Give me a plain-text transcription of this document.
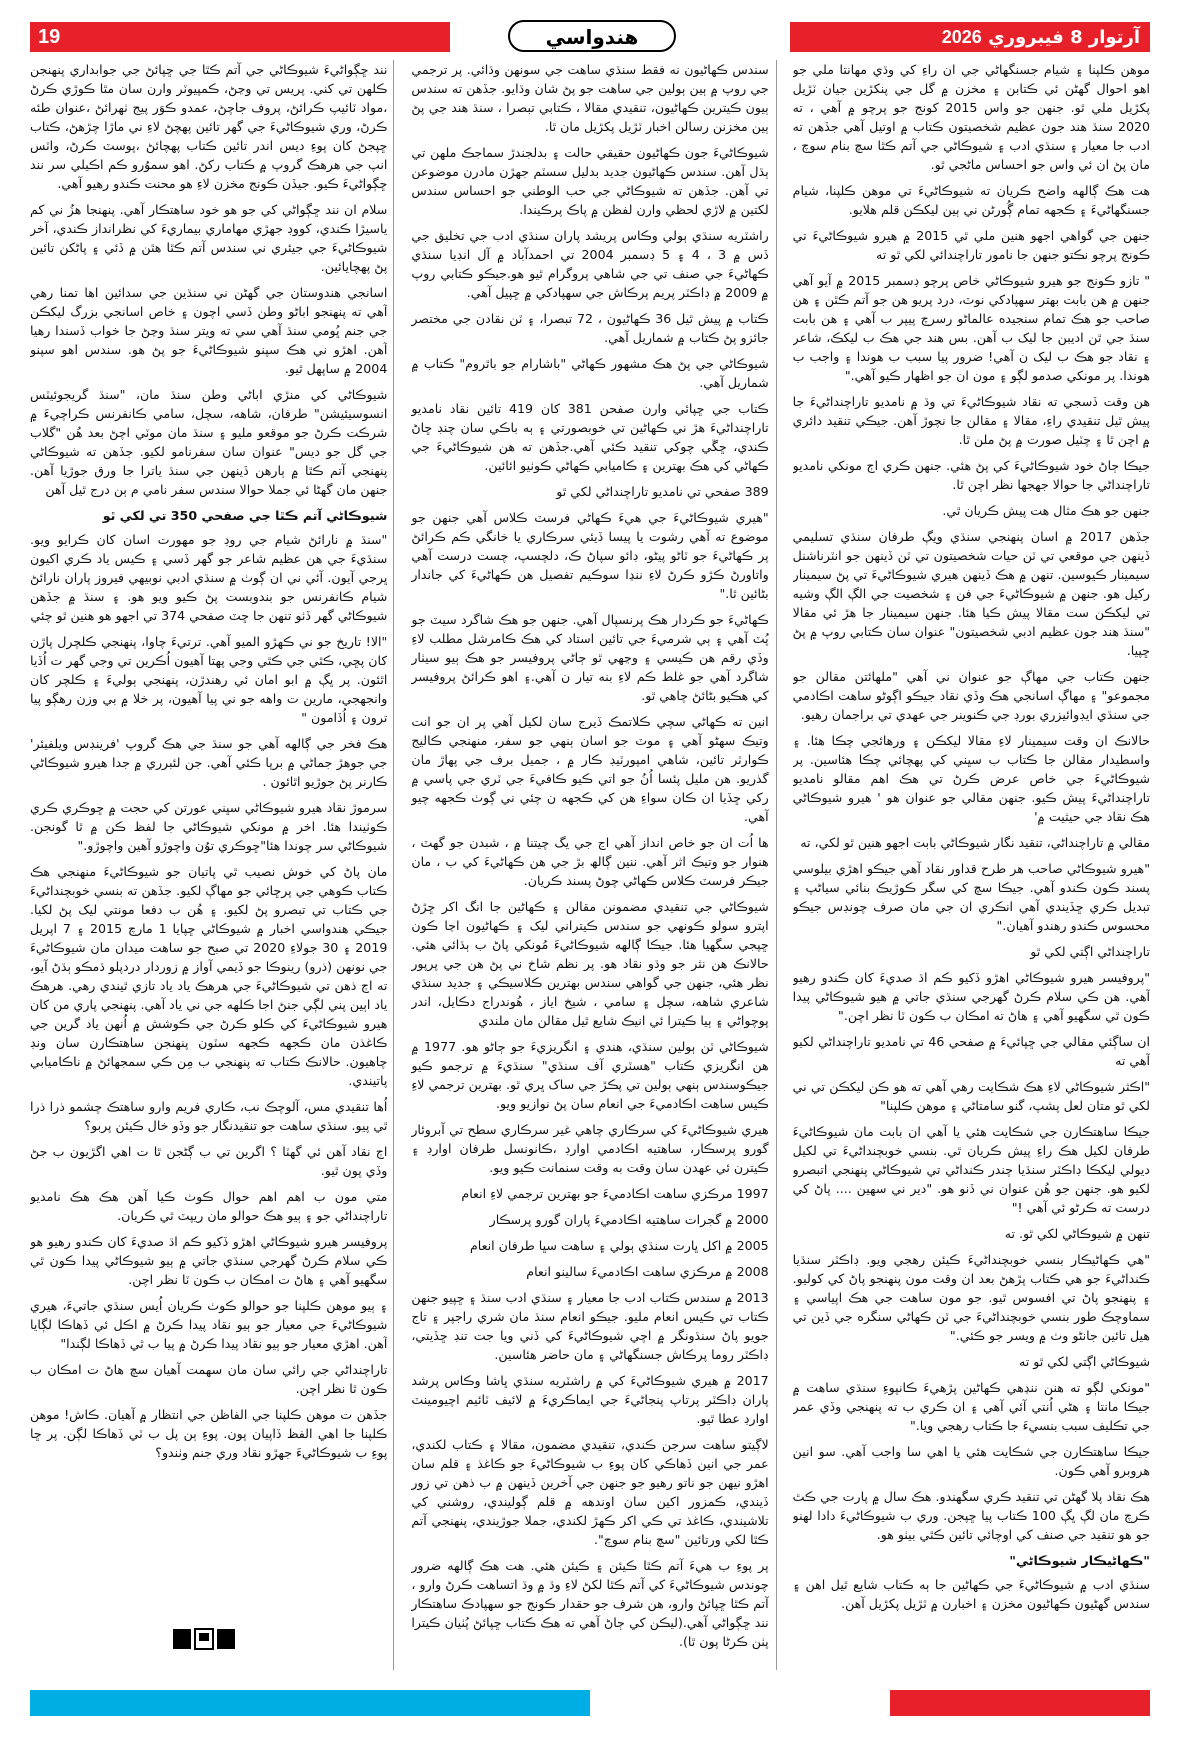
آرتوار 8 فيبروري 2026
19	هندواسي

موهن ڪلپنا ۽ شيام جسنگهاڻي جي ان راءِ کي وڌي مهانتا ملي جو اهو احوال گهڻن ئي ڪتابن ۽ مخزن ۾ گل جي پنکڙين جيان ٽڙيل پکڙيل ملي ٿو. جنهن جو واس 2015 کونج جو پرچو ۾ آهي ، ته 2020 سنڌ هند جون عظيم شخصيتون ڪتاب ۾ اوتيل آهي جڏهن ته ادب جا معيار ۽ سنڌي ادب ۽ شيوڪاڻي جي آتم ڪٿا سچ بنام سوچ ، مان پڻ ان ئي واس جو احساس ماڻجي ٿو.

هت هڪ ڳالهه واضح ڪريان ته شيوڪاڻيءَ تي موهن ڪلپنا، شيام جسنگهاڻيءَ ۽ ڪجهه تمام ڳُورڻن ني ٻين ليکڪن قلم هلايو.

جنهن جي گواهي اجهو هنين ملي ٿي 2015 ۾ هيرو شيوڪاڻيءَ تي ڪونج پرچو نڪتو جنهن جا نامور تاراچندائي لکي ٿو ته

" تازو ڪونج جو هيرو شيوڪاڻي خاص پرچو ڊسمبر 2015 ۾ آيو آهي جنهن ۾ هن بابت بهتر سهپادکي نوٽ، درد پريو هن جو آتم ڪٿن ۽ هن صاحب جو هڪ تمام سنجيده عالماڻو رسرچ پيپر ب آهي ۽ هن بابت سنڌ جي ٿن اديبن جا ليک ب آهن. بس هند جي هڪ ب ليکڪ، شاعر ۽ نقاد جو هڪ ب ليک ن آهي! ضرور پيا سبب ب هوندا ۽ واجب ب هوندا. پر مونکي صدمو لڳو ۽ مون ان جو اظهار ڪيو آهي."

هن وقت ڏسجي ته نقاد شيوڪاڻيءَ تي وڌ ۾ نامديو تاراچنداڻيءَ جا پيش ٿيل تنقيدي راءِ، مقالا ۽ مقالن جا نچوڙ آهن. جيڪي تنقيد دائري ۾ اچن ٿا ۽ چٽيل صورت ۾ پڻ ملن ٿا.

جيڪا ڄاڻ خود شيوڪاڻيءَ کي پڻ هئي. جنهن ڪري اڄ مونکي نامديو تاراچنداڻي جا حوالا جهجها نظر اچن ٿا.

جنهن جو هڪ مثال هت پيش ڪريان ٿي.

جڏهن 2017 ۾ اسان پنهنجي سنڌي ويڳ طرفان سنڌي تسليمي ڏينهن جي موقعي تي ٽن حيات شخصيتون تي ٽن ڏينهن جو انٽرناشنل سيمينار ڪيوسين. تنهن ۾ هڪ ڏينهن هيري شيوڪاڻيءَ تي پڻ سيمينار رکيل هو. جنهن ۾ شيوڪاڻيءَ جي فن ۽ شخصيت جي الڳ الڳ وشيه تي ليکڪن ست مقالا پيش ڪيا هئا. جنهن سيمينار جا هڙ ئي مقالا "سنڌ هند جون عظيم ادبي شخصيتون" عنوان سان ڪتابي روپ ۾ پڻ ڇپيا.

جنهن ڪتاب جي مهاڳ جو عنوان ني آهي "ملهائتن مقالن جو مجموعو" ۽ مهاڳ اسانجي هڪ وڏي نقاد جيڪو اڳوڻو ساهت اڪادمي جي سنڌي ايڊوائيزري بورڊ جي ڪنوينر جي عهدي تي براجمان رهيو.

حالانڪ ان وقت سيمينار لاءِ مقالا ليکڪن ۽ ورهائجي چڪا هئا. ۽ واسطيدار مقالن جا ڪتاب ب سڀني کي پهچائي چڪا هئاسين. پر شيوڪاڻيءَ جي خاص عرض ڪرڻ تي هڪ اهم مقالو نامديو تاراچنداڻيءَ پيش ڪيو. جنهن مقالي جو عنوان هو ' هيرو شيوڪاڻي هڪ نقاد جي حيثيت ۾'

مقالي ۾ تاراچنداڻي، تنقيد نگار شيوڪاڻي بابت اجهو هنين ٿو لکي، ته

"هيرو شيوڪاڻي صاحب هر طرح قداور نقاد آهي جيڪو اهڙي بيلوسي پسند ڪون ڪندو آهي. جيڪا سچ کي سگر ڪوڙيڪ بنائي سياڻپ ۽ تبديل ڪري ڇڏيندي آهي انڪري ان جي مان صرف چونڊس جيڪو محسوس ڪندو رهندو آهيان."

تاراچنداڻي اڳتي لکي ٿو

"پروفيسر هيرو شيوڪاڻي اهڙو ڏکيو ڪم اڌ صديءَ کان ڪندو رهيو آهي. هن ڪي سلام ڪرڻ گهرجي سنڌي جاتي ۾ هيو شيوڪاڻي پيدا ڪون ٿي سگهيو آهي ۽ هاڻ ته امڪان ب ڪون ٽا نظر اچن."

ان ساڳئي مقالي جي ڇپائيءَ ۾ صفحي 46 تي نامديو تاراچنداڻي لکيو آهي ته

"اڪثر شيوڪاڻي لاءِ هڪ شڪايت رهي آهي ته هو ڪن ليکڪن تي ني لکي ٿو متان لعل پشپ، گنو سامتاڻي ۽ موهن ڪلپنا"

جيڪا ساهتڪارن جي شڪايت هئي يا آهي ان بابت مان شيوڪاڻيءَ طرفان لکيل هڪ راءِ پيش ڪريان ٿي. بنسي خوبچنداڻيءَ تي لکيل ديولي ليکڪا ڊاڪٽر سنڌيا چندر ڪنداڻي تي شيوڪاڻي پنهنجي اتبصرو لکيو هو. جنهن جو هُن عنوان ني ڏنو هو. "دير ني سهين .... پاڻ کي درست ته ڪرڻو ئي آهي !"

تنهن ۾ شيوڪاڻي لکي ٿو. ته

"هي ڪهاڻيڪار بنسي خوبچنداڻيءَ ڪيئن رهجي ويو. ڊاڪٽر سنڌيا ڪنداڻيءَ جو هي ڪتاب پڙهڻ بعد ان وقت مون پنهنجو پاڻ کي کوليو. ۽ پنهنجو پاڻ تي افسوس ٿيو. جو مون ساهت جي هڪ اپياسي ۽ سماوچڪ طور بنسي خوبچنداڻيءَ جي ٽن ڪهاڻي سنگره جي ڏين تي هيل تائين جانڻو وٺ ۾ ويسر جو ڪئي."

شيوڪاڻي اڳتي لکي ٿو ته

"مونکي لڳو ته هنن ننڍهي ڪهاڻين پڙهيءَ ڪانپوءِ سنڌي ساهت ۾ جيڪا مانتا ۽ هڻي اُنتي آئي آهي ۽ ان ڪري ب ته پنهنجي وڏي عمر جي تڪليف سبب بنسيءَ جا ڪتاب رهجي ويا."

جيڪا ساهتڪارن جي شڪايت هئي يا اهي سا واجب آهي. سو انين هروبرو آهي ڪون.

هڪ نقاد پلا گهڻن تي تنقيد ڪري سگهندو. هڪ سال ۾ پارت جي ڪٿ ڪرچ مان لڳ ڀڳ 100 ڪتاب پيا ڇپجن. وري ب شيوڪاڻيءَ دادا لهنو جو هو تنقيد جي صنف کي اوچائي تائين ڪٿي بيٺو هو.

"ڪهاڻيڪار شيوڪاڻي"

سنڌي ادب ۾ شيوڪاڻيءَ جي ڪهاڻين جا ٻه ڪتاب شايع ٿيل اهن ۽ سندس گهڻيون ڪهاڻيون مخزن ۽ اخبارن ۾ ٽڙيل پکڙيل آهن.

سندس ڪهاڻيون نه فقط سنڌي ساهت جي سونهن وڌائي. پر ترجمي جي روپ ۾ ٻين ٻولين جي ساهت جو پڻ شان وڌايو. جڏهن ته سندس ٻيون ڪيترين ڪهاڻيون، تنقيدي مقالا ، ڪتابي تبصرا ، سنڌ هند جي پڻ ٻين مخزنن رسالن اخبار ٽڙيل پکڙيل مان ٿا.

شيوڪاڻيءَ جون ڪهاڻيون حقيقي حالت ۽ بدلجندڙ سماجڪ ملهن تي ٻڌل آهن. سندس ڪهاڻيون جديد بدليل سسٽم جهڙن مادرن موضوعن تي آهن. جڏهن ته شيوڪاڻي جي حب الوطني جو احساس سندس لکتين ۾ لاڙي لحظي وارن لفظن ۾ پاڪ پرڪيندا.

راشٽريه سنڌي ٻولي وڪاس پريشد پاران سنڌي ادب جي تخليق جي ڏس ۾ 3 ، 4 ۽ 5 ڊسمبر 2004 تي احمدآباد ۾ آل انڊيا سنڌي ڪهاڻيءَ جي صنف تي جي شاهي پروگرام ٿيو هو.جيڪو ڪتابي روپ ۾ 2009 ۾ ڊاڪٽر پريم پرڪاش جي سهپادکي ۾ ڇپيل آهي.

ڪتاب ۾ پيش ٿيل 36 ڪهاڻيون ، 72 تبصرا، ۽ ٽن نقادن جي مختصر جائزو پڻ ڪتاب ۾ شماريل آهي.

شيوڪاڻي جي پڻ هڪ مشهور ڪهاڻي "باشارام جو باٿروم" ڪتاب ۾ شماريل آهي.

ڪتاب جي ڇپائي وارن صفحن 381 کان 419 تائين نقاد نامديو تاراچنداڻيءَ هڙ ني ڪهاڻين تي خوبصورتي ۽ ٻه باڪي سان چنڊ ڇاڻ ڪندي، ڇڱي چوکي تنقيد ڪئي آهي.جڏهن ته هن شيوڪاڻيءَ جي ڪهاڻي کي هڪ بهترين ۽ ڪاميابي ڪهاڻي ڪوٺيو ائائين.

389 صفحي تي نامديو تاراچنداڻي لکي ٿو

"هيري شيوڪاڻيءَ جي هيءَ ڪهاڻي فرسٽ ڪلاس آهي جنهن جو موضوع ته آهي رشوت يا پيسا ڏيئي سرڪاري يا خانگي ڪم ڪرائڻ پر ڪهاڻيءَ جو ٽاڻو پيڻو، ڊائو سپاڻ ڪ، دلچسپ، چست درست آهي واتاورڻ ڪڙو ڪرڻ لاءِ ننڍا سوڪيم تفصيل هن ڪهاڻيءَ کي جاندار بڻائين ٿا."

ڪهاڻيءَ جو ڪردار هڪ پرنسپال آهي. جنهن جو هڪ شاگرد سيٽ جو پُٽ آهي ۽ ٻي شرميءَ جي تائين استاد کي هڪ ڪامرشل مطلب لاءِ وڏي رقم هن ڪيسي ۽ وڃهي ٿو ڄاڻي پروفيسر جو هڪ ٻيو سيٺار شاگرد آهي جو غلط ڪم لاءِ بنه تيار ن آهي.۽ اهو ڪرائڻ پروفيسر کي هڪيو بڻائڻ چاهي ٿو.

انين ته ڪهاڻي سچي ڪلاتمڪ ڏيرج سان لکيل آهي پر ان جو انت وتيڪ سهڻو آهي ۽ موٽ جو اسان ٻنهي جو سفر، منهنجي ڪاليج ڪوارٽر تائين، شاهي امپورٽيڊ ڪار ۾ ، جميل برف جي پهاڙ مان گذريو. هن مليل پئسا اُنُ جو اتي ڪيو ڪافيءَ جي ٽري جي پاسي ۾ رکي ڇڏيا ان ڪان سواءِ هن کي ڪجهه ن چئي ني ڳوٺ ڪجهه چيو آهي.

ها اُت ان جو خاص انداز آهي اڃ جي يگ چيتنا ۾ ، شبدن جو گهٽ ، هنوار جو وتيڪ اثر آهي. ننين ڳالھ بڙ جي هن ڪهاڻيءَ کي ب ، مان جيڪر فرسٽ ڪلاس ڪهاڻي چوڻ پسند ڪريان.

شيوڪاڻي جي تنقيدي مضمونن مقالن ۽ ڪهاڻين جا انگ اکر ڇڙڻ اپترو سولو ڪونهي جو سندس ڪيتراني ليک ۽ ڪهاڻيون اڃا ڪون ڇپجي سگهيا هئا. جيڪا ڳالهه شيوڪاڻيءَ مُونکي پاڻ ب ٻڌائي هئي. حالانڪ هن نثر جو وڌو نقاد هو. پر نظم شاخ ني پڻ هن جي پرپور نظر هئي، جنهن جي گواهي سندس بهترين ڪلاسيڪي ۽ جديد سنڌي شاعري شاهه، سچل ۽ سامي ، شيخ اياز ، هُوندراج دڪايل، اندر پوچواڻي ۽ ٻيا ڪيترا ئي انيڪ شايع ٿيل مقالن مان ملندي

شيوڪاڻي ٽن ٻولين سنڌي، هندي ۽ انگريزيءَ جو ڄاڻو هو. 1977 ۾ هن انگريزي ڪتاب "هسٽري آف سنڌي" سنڌيءَ ۾ ترجمو ڪيو جيڪوسندس ٻنهي ٻولين تي پڪڙ جي ساک ڀري ٿو. بهترين ترجمي لاءِ ڪيس ساهت اڪادميءَ جي انعام سان پڻ نوازيو ويو.

هيري شيوڪاڻيءَ کي سرڪاري چاهي غير سرڪاري سطح تي آبروئار گورو پرسڪار، ساهتيه اڪادمي اوارڊ ،ڪانونسل طرفان اوارڊ ۽ ڪيترن ئي عهدن سان وقت به وقت سنمانت ڪيو ويو.

1997 مرڪزي ساهت اڪادميءَ جو بهترين ترجمي لاءِ انعام

2000 ۾ گجرات ساهتيه اڪادميءَ پاران گورو پرسڪار

2005 ۾ اکل ڀارت سنڌي ٻولي ۽ ساهت سڀا طرفان انعام

2008 ۾ مرڪزي ساهت اڪادميءَ سالينو انعام

2013 ۾ سندس ڪتاب ادب جا معيار ۽ سنڌي ادب سنڌ ۽ ڇپيو جنهن ڪتاب تي ڪيس انعام مليو. جيڪو انعام سنڌ مان شري راجپر ۽ تاج جويو پاڻ سنڌونگر ۾ اچي شيوڪاڻيءَ کي ڏني ويا جت تنڊ ڇڏيتي، ڊاڪٽر روما پرڪاش جسنگهاڻي ۽ مان حاضر هئاسين.

2017 ۾ هيري شيوڪاڻيءَ کي ۾ راشٽريه سنڌي ڀاشا وڪاس پرشد پاران ڊاڪٽر پرتاپ پنجاڻيءَ جي ايماڪريءَ ۾ لائيف ٽائيم اچيومينٽ اوارڊ عطا ٿيو.

لاڳيتو ساهت سرجن ڪندي، تنقيدي مضمون، مقالا ۽ ڪتاب لکندي، عمر جي انين ڏهاڪي کان پوءِ ب شيوڪاڻيءَ جو ڪاغذ ۽ قلم سان اهڙو نيهن جو ناتو رهيو جو جنهن جي آخرين ڏينهن ۾ ب ذهن تي زور ڏيندي، ڪمزور اکين سان اوندهه ۾ قلم ڳوليندي، روشني کي تلاشيندي، ڪاغذ تي ڪي اکر ڪهڙ لکندي، جملا جوڙيندي، پنهنجي آتم ڪٿا لکي ورتائين "سچ بنام سوچ".

پر پوءِ ب هيءَ آتم ڪٿا ڪيئن ۽ ڪيئن هئي. هت هڪ ڳالهه ضرور چوندس شيوڪاڻيءَ کي آتم ڪٿا لکڻ لاءِ وڌ ۾ وڌ اتساهت ڪرڻ وارو ، آتم ڪٿا ڇپائڻ وارو، هن شرف جو حقدار ڪونج جو سهپادڪ ساهتڪار نند ڇڳواڻي آهي.(ليڪن کي ڄاڻ آهي ته هڪ ڪتاب ڇپائڻ پُٺيان ڪيترا پٺن ڪرڻا پون ٿا).

نند ڇڳواڻيءَ شيوڪاڻي جي آتم ڪٿا جي ڇپائڻ جي جوابداري پنهنجن ڪلهن تي کني. پريس تي وڃڻ، ڪمپيوٽر وارن سان مٿا ڪوڙي ڪرڻ ،مواد ٽائيپ ڪرائڻ، پروف جاچڻ، عمدو ڪوَر پيج ٺهرائڻ ،عنوان طئه ڪرڻ، وري شيوڪاڻيءَ جي گهر تائين پهچڻ لاءِ ني ماڙا چڙهڻ، ڪتاب ڇپجڻ کان پوءِ ديس اندر تائين ڪتاب پهچائڻ ،پوسٽ ڪرڻ، واٽس انپ جي هرهڪ گروپ ۾ ڪتاب رکڻ. اهو سموُرو ڪم اڪيلي سر نند ڇڳواڻيءَ ڪيو. جيڏن ڪونج مخزن لاءِ هو محنت ڪندو رهيو آهي.

سلام ان نند ڇڳواڻي کي جو هو خود ساهتڪار آهي. پنهنجا هزُ ني کم ياسيڙا ڪندي، کووڊ جهڙي مهاماري بيماريءَ کي نظرانداز ڪندي، آخر شيوڪاڻيءَ جي جيئري ني سندس آتم ڪٿا هٿن ۾ ڏئي ۽ پاڻکن تائين پڻ پهچايائين.

اسانجي هندوستان جي گهڻن ني سنڌين جي سدائين اها تمنا رهي آهي ته پنهنجو اباڻو وطن ڏسي اچون ۽ خاص اسانجي بزرگ ليکڪن جي جنم ڀُومي سنڌ آهي سي ته ويتر سنڌ وڃڻ جا خواب ڏسندا رهيا آهن. اهڙو ني هڪ سپنو شيوڪاڻيءَ جو پڻ هو. سندس اهو سپنو 2004 ۾ ساپهل ٿيو.

شيوڪاڻي کي منڙي اباڻي وطن سنڌ مان، "سنڌ گريجوئيٽس انسوسيئيشن" طرفان، شاهه، سچل، سامي ڪانفرنس ڪراچيءَ ۾ شرڪت ڪرڻ جو موقعو مليو ۽ سنڌ مان موٽي اچڻ بعد هُن "گلاب جي گل جو ديس" عنوان سان سفرنامو لکيو. جڏهن ته شيوڪاڻي پنهنجي آتم ڪٿا ۾ ٻارهن ڏينهن جي سنڌ ياترا جا ورق جوڙيا آهن. جنهن مان گهڻا ئي جملا حوالا سندس سفر نامي م ٻن درج ٿيل آهن

شيوڪاڻي آتم ڪٿا جي صفحي 350 تي لکي ٿو

"سنڌ ۾ نارائڻ شيام جي روڊ جو مهورت اسان کان ڪرايو ويو. سنڌيءَ جي هن عظيم شاعر جو گهر ڏسي ۽ ڪيس ياد ڪري اکيون ڀرجي آيون. آئي ني ان ڳوٺ ۾ سنڌي ادبي نوبيهي فيروز پاران نارائڻ شيام ڪانفرنس جو بندوبست پڻ ڪيو ويو هو. ۽ سنڌ ۾ جڏهن شيوڪاڻي گهر ڏٺو تنهن جا ڇٽ صفحي 374 تي اجهو هو هنين ٿو چئي

"الا! تاريخ جو ني ڪهڙو الميو آهي. ترتيءَ چاوا، پنهنجي ڪلچرل پاڙن کان پڇي، ڪٿي جي ڪٿي وجي پهتا آهيون اُڪرين تي وجي گهر ت اُڏيا اٿئون. پر ڀڳ ۾ ابو امان ئي رهندڙن، پنهنجي ٻوليءَ ۽ ڪلچر کان وانجهجي، مارين ت واهه جو ني پيا آهيون، پر خلا ۾ بي وزن رهڳو پيا ترون ۽ اُڏامون "

هڪ فخر جي ڳالهه آهي جو سنڌ جي هڪ گروپ 'فرينڊس ويلفيئر' جي جوهڙ جماڻي ۾ برپا ڪئي آهي. جن لئبرري ۾ جدا هيرو شيوڪاڻي ڪارنر پڻ جوڙيو اٿائون .

سرموڙ نقاد هيرو شيوڪاڻي سڀني عورتن کي حجت ۾ ڇوڪري ڪري ڪوٺيندا هئا. اخر ۾ مونکي شيوڪاڻي جا لفظ ڪن ۾ ٿا گونجن. شيوڪاڻي سر چوندا هئا"ڇوڪري توُن واچوڙو آهين واچوڙو."

مان پاڻ کي خوش نصيب ٿي پاتيان جو شيوڪاڻيءَ منهنجي هڪ ڪتاب ڪوهي جي پرڇائي جو مهاڳ لکيو. جڏهن ته بنسي خوبچنداڻيءَ جي ڪتاب تي تبصرو پڻ لکيو. ۽ هُن ب دفعا مونتي ليک پڻ لکيا. جيڪي هندواسي اخبار ۾ شيوڪاڻي ڇپايا 1 مارچ 2015 ۽ 7 اپريل 2019 ۽ 30 جولاءِ 2020 تي صبح جو ساهت ميدان مان شيوڪاڻيءَ جي نونهن (ذرو) رينوڪا جو ڏيمي آواز ۾ زوردار دردپلو ڌمڪو ٻڌڻ آيو، ته اڄ ذهن تي شيوڪاڻيءَ جي هرهڪ ياد ياد تازي ٿيندي رهي. هرهڪ ياد اٻين پني لڳي جنڻ اجا ڪلهه جي ني ياد آهي. پنهنجي پاري من کان هيرو شيوڪاڻيءَ کي ڪلو ڪرڻ جي ڪوشش ۾ اُنهن ياد گرين جي ڪاغذن مان ڪجهه ڪجهه سٽون پنهنجن ساهتڪارن سان ونڊ چاهيون. حالانڪ ڪتاب ته پنهنجي ب مِن ڪي سمجهائڻ ۾ ناڪاميابي پاتيندي.

اُها تنقيدي مس، آلوچڪ نب، ڪاري فريم وارو ساهتڪ چشمو ذرا ذرا ٿي پيو. سنڌي ساهت جو تنقيدنگار جو وڏو خال ڪيئن پربو؟

اڄ نقاد آهن ئي گهٽا ؟ اگرين تي ب ڳڻجن ٿا ت اهي اگڙيون ب جڻ وڏي پون ٿيو.

متي مون ب اهم اهم حوال ڪوٺ ڪيا آهن هڪ هڪ نامديو تاراچنداڻي جو ۽ ٻيو هڪ حوالو مان ريپٽ ٿي ڪريان.

پروفيسر هيرو شيوڪاڻي اهڙو ڏکيو ڪم اڌ صديءَ کان ڪندو رهيو هو ڪي سلام ڪرڻ گهرجي سنڌي جاتي ۾ ٻيو شيوڪاڻي پيدا ڪون ٿي سگهيو آهي ۽ هاڻ ت امڪان ب ڪون ٽا نظر اچن.

۽ ٻيو موهن ڪلپنا جو حوالو ڪوٺ ڪريان اُيس سنڌي جاتيءَ، هيري شيوڪاڻيءَ جي معيار جو ٻيو نقاد پيدا ڪرڻ ۾ اڪل ئي ڏهاڪا لڳايا آهن. اهڙي معيار جو ٻيو نقاد پيدا ڪرڻ ۾ پيا ب ٿي ڏهاڪا لڳندا"

تاراچنداڻي جي رائي سان مان سهمت آهيان سچ هاڻ ت امڪان ب ڪون ٿا نظر اچن.

جڏهن ت موهن ڪلپنا جي الفاظن جي انتظار ۾ آهيان. ڪاش! موهن ڪلپنا جا اهي الفظ ڏاپيان پون. پوءِ ٻن پل ب ٽي ڏهاڪا لڳن. پر ڇا پوءِ ب شيوڪاڻيءَ جهڙو نقاد وري جنم وٺندو؟
